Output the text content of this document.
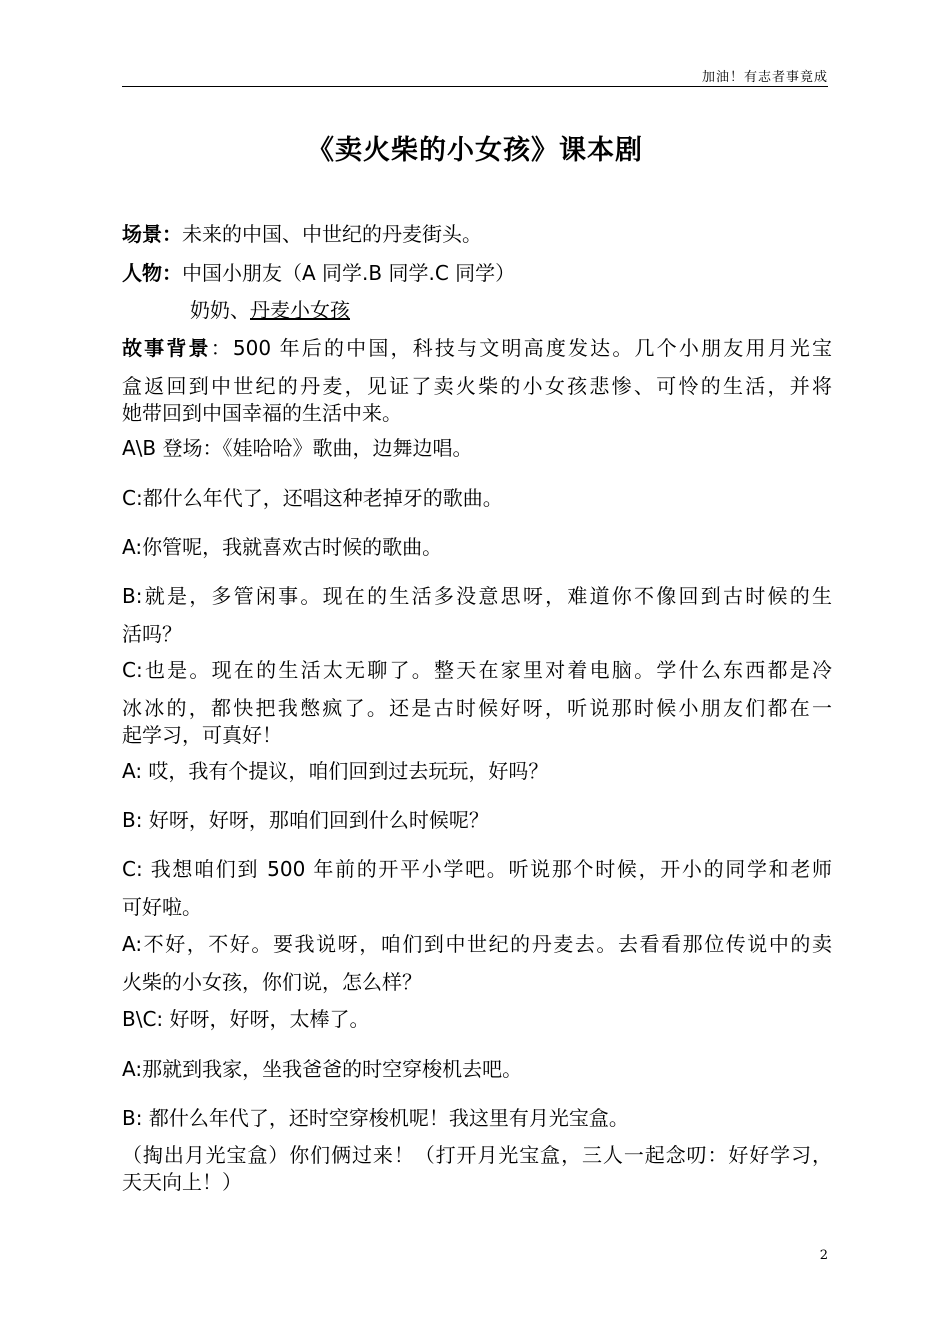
加油！有志者事竟成
《卖火柴的小女孩》课本剧
场景：未来的中国、中世纪的丹麦街头。
人物：中国小朋友（A 同学.B 同学.C 同学）
奶奶、丹麦小女孩
故事背景：500 年后的中国，科技与文明高度发达。几个小朋友用月光宝
盒返回到中世纪的丹麦，见证了卖火柴的小女孩悲惨、可怜的生活，并将
她带回到中国幸福的生活中来。
A\B 登场：《娃哈哈》歌曲，边舞边唱。
C:都什么年代了，还唱这种老掉牙的歌曲。
A:你管呢，我就喜欢古时候的歌曲。
B:就是，多管闲事。现在的生活多没意思呀，难道你不像回到古时候的生
活吗？
C:也是。现在的生活太无聊了。整天在家里对着电脑。学什么东西都是冷
冰冰的，都快把我憋疯了。还是古时候好呀，听说那时候小朋友们都在一
起学习，可真好！
A: 哎，我有个提议，咱们回到过去玩玩，好吗？
B: 好呀，好呀，那咱们回到什么时候呢？
C: 我想咱们到 500 年前的开平小学吧。听说那个时候，开小的同学和老师
可好啦。
A:不好，不好。要我说呀，咱们到中世纪的丹麦去。去看看那位传说中的卖
火柴的小女孩，你们说，怎么样？
B\C: 好呀，好呀，太棒了。
A:那就到我家，坐我爸爸的时空穿梭机去吧。
B: 都什么年代了，还时空穿梭机呢！我这里有月光宝盒。
（掏出月光宝盒）你们俩过来！（打开月光宝盒，三人一起念叨：好好学习，
天天向上！）
2
